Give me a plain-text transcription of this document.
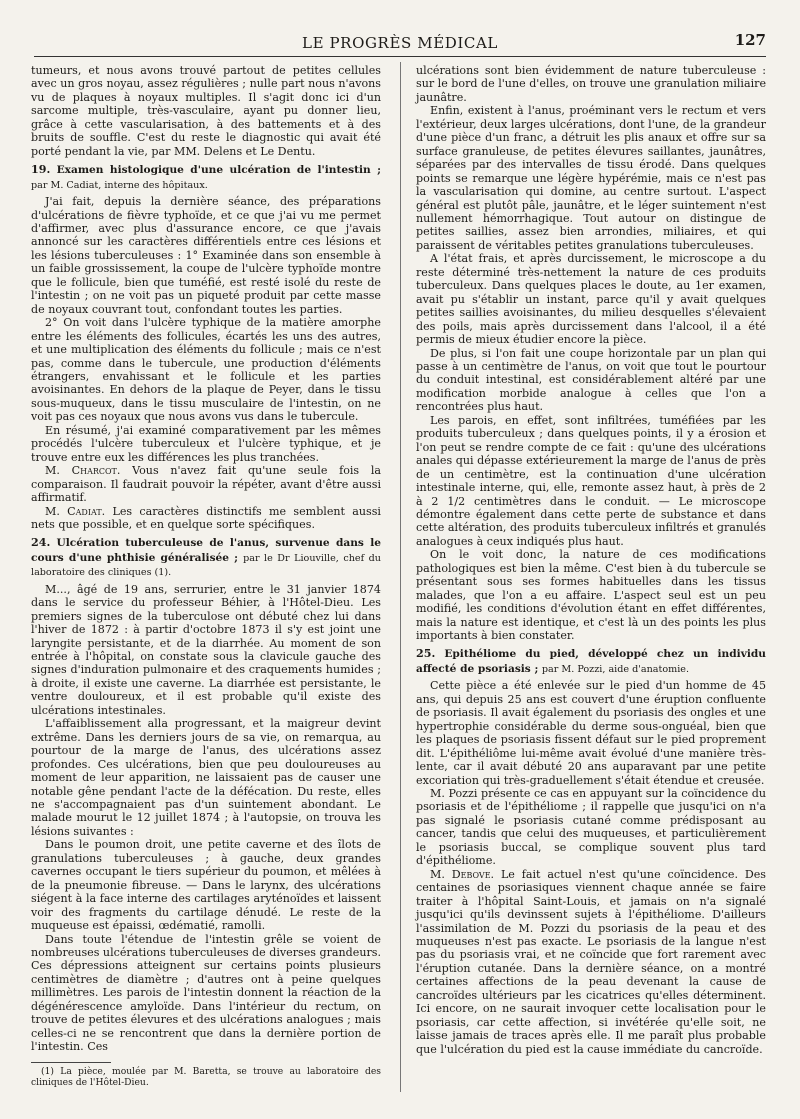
LE PROGRÈS MÉDICAL	127

tumeurs, et nous avons trouvé partout de petites cellules avec un gros noyau, assez régulières ; nulle part nous n'avons vu de plaques à noyaux multiples. Il s'agit donc ici d'un sarcome multiple, très-vasculaire, ayant pu donner lieu, grâce à cette vascularisation, à des battements et à des bruits de souffle. C'est du reste le diagnostic qui avait été porté pendant la vie, par MM. Delens et Le Dentu.

19. Examen histologique d'une ulcération de l'intestin ; par M. Cadiat, interne des hôpitaux.

J'ai fait, depuis la dernière séance, des préparations d'ulcérations de fièvre typhoïde, et ce que j'ai vu me permet d'affirmer, avec plus d'assurance encore, ce que j'avais annoncé sur les caractères différentiels entre ces lésions et les lésions tuberculeuses : 1° Examinée dans son ensemble à un faible grossissement, la coupe de l'ulcère typhoïde montre que le follicule, bien que tuméfié, est resté isolé du reste de l'intestin ; on ne voit pas un piqueté produit par cette masse de noyaux couvrant tout, confondant toutes les parties.

2° On voit dans l'ulcère typhique de la matière amorphe entre les éléments des follicules, écartés les uns des autres, et une multiplication des éléments du follicule ; mais ce n'est pas, comme dans le tubercule, une production d'éléments étrangers, envahissant et le follicule et les parties avoisinantes. En dehors de la plaque de Peyer, dans le tissu sous-muqueux, dans le tissu musculaire de l'intestin, on ne voit pas ces noyaux que nous avons vus dans le tubercule.

En résumé, j'ai examiné comparativement par les mêmes procédés l'ulcère tuberculeux et l'ulcère typhique, et je trouve entre eux les différences les plus tranchées.

M. Charcot. Vous n'avez fait qu'une seule fois la comparaison. Il faudrait pouvoir la répéter, avant d'être aussi affirmatif.

M. Cadiat. Les caractères distinctifs me semblent aussi nets que possible, et en quelque sorte spécifiques.

24. Ulcération tuberculeuse de l'anus, survenue dans le cours d'une phthisie généralisée ; par le Dr Liouville, chef du laboratoire des cliniques (1).

M..., âgé de 19 ans, serrurier, entre le 31 janvier 1874 dans le service du professeur Béhier, à l'Hôtel-Dieu. Les premiers signes de la tuberculose ont débuté chez lui dans l'hiver de 1872 : à partir d'octobre 1873 il s'y est joint une laryngite persistante, et de la diarrhée. Au moment de son entrée à l'hôpital, on constate sous la clavicule gauche des signes d'induration pulmonaire et des craquements humides ; à droite, il existe une caverne. La diarrhée est persistante, le ventre douloureux, et il est probable qu'il existe des ulcérations intestinales.

L'affaiblissement alla progressant, et la maigreur devint extrême. Dans les derniers jours de sa vie, on remarqua, au pourtour de la marge de l'anus, des ulcérations assez profondes. Ces ulcérations, bien que peu douloureuses au moment de leur apparition, ne laissaient pas de causer une notable gêne pendant l'acte de la défécation. Du reste, elles ne s'accompagnaient pas d'un suintement abondant. Le malade mourut le 12 juillet 1874 ; à l'autopsie, on trouva les lésions suivantes :

Dans le poumon droit, une petite caverne et des îlots de granulations tuberculeuses ; à gauche, deux grandes cavernes occupant le tiers supérieur du poumon, et mêlées à de la pneumonie fibreuse. — Dans le larynx, des ulcérations siégent à la face interne des cartilages aryténoïdes et laissent voir des fragments du cartilage dénudé. Le reste de la muqueuse est épaissi, œdématié, ramolli.

Dans toute l'étendue de l'intestin grêle se voient de nombreuses ulcérations tuberculeuses de diverses grandeurs. Ces dépressions atteignent sur certains points plusieurs centimètres de diamètre ; d'autres ont à peine quelques millimètres. Les parois de l'intestin donnent la réaction de la dégénérescence amyloïde. Dans l'intérieur du rectum, on trouve de petites élevures et des ulcérations analogues ; mais celles-ci ne se rencontrent que dans la dernière portion de l'intestin. Ces

(1) La pièce, moulée par M. Baretta, se trouve au laboratoire des cliniques de l'Hôtel-Dieu.

ulcérations sont bien évidemment de nature tuberculeuse : sur le bord de l'une d'elles, on trouve une granulation miliaire jaunâtre.

Enfin, existent à l'anus, proéminant vers le rectum et vers l'extérieur, deux larges ulcérations, dont l'une, de la grandeur d'une pièce d'un franc, a détruit les plis anaux et offre sur sa surface granuleuse, de petites élevures saillantes, jaunâtres, séparées par des intervalles de tissu érodé. Dans quelques points se remarque une légère hypérémie, mais ce n'est pas la vascularisation qui domine, au centre surtout. L'aspect général est plutôt pâle, jaunâtre, et le léger suintement n'est nullement hémorrhagique. Tout autour on distingue de petites saillies, assez bien arrondies, miliaires, et qui paraissent de véritables petites granulations tuberculeuses.

A l'état frais, et après durcissement, le microscope a du reste déterminé très-nettement la nature de ces produits tuberculeux. Dans quelques places le doute, au 1er examen, avait pu s'établir un instant, parce qu'il y avait quelques petites saillies avoisinantes, du milieu desquelles s'élevaient des poils, mais après durcissement dans l'alcool, il a été permis de mieux étudier encore la pièce.

De plus, si l'on fait une coupe horizontale par un plan qui passe à un centimètre de l'anus, on voit que tout le pourtour du conduit intestinal, est considérablement altéré par une modification morbide analogue à celles que l'on a rencontrées plus haut.

Les parois, en effet, sont infiltrées, tuméfiées par les produits tuberculeux ; dans quelques points, il y a érosion et l'on peut se rendre compte de ce fait : qu'une des ulcérations anales qui dépasse extérieurement la marge de l'anus de près de un centimètre, est la continuation d'une ulcération intestinale interne, qui, elle, remonte assez haut, à près de 2 à 2 1/2 centimètres dans le conduit. — Le microscope démontre également dans cette perte de substance et dans cette altération, des produits tuberculeux infiltrés et granulés analogues à ceux indiqués plus haut.

On le voit donc, la nature de ces modifications pathologiques est bien la même. C'est bien à du tubercule se présentant sous ses formes habituelles dans les tissus malades, que l'on a eu affaire. L'aspect seul est un peu modifié, les conditions d'évolution étant en effet différentes, mais la nature est identique, et c'est là un des points les plus importants à bien constater.

25. Epithéliome du pied, développé chez un individu affecté de psoriasis ; par M. Pozzi, aide d'anatomie.

Cette pièce a été enlevée sur le pied d'un homme de 45 ans, qui depuis 25 ans est couvert d'une éruption confluente de psoriasis. Il avait également du psoriasis des ongles et une hypertrophie considérable du derme sous-onguéal, bien que les plaques de psoriasis fissent défaut sur le pied proprement dit. L'épithéliôme lui-même avait évolué d'une manière très-lente, car il avait débuté 20 ans auparavant par une petite excoriation qui très-graduellement s'était étendue et creusée.

M. Pozzi présente ce cas en appuyant sur la coïncidence du psoriasis et de l'épithéliome ; il rappelle que jusqu'ici on n'a pas signalé le psoriasis cutané comme prédisposant au cancer, tandis que celui des muqueuses, et particulièrement le psoriasis buccal, se complique souvent plus tard d'épithéliome.

M. Debove. Le fait actuel n'est qu'une coïncidence. Des centaines de psoriasiques viennent chaque année se faire traiter à l'hôpital Saint-Louis, et jamais on n'a signalé jusqu'ici qu'ils devinssent sujets à l'épithéliome. D'ailleurs l'assimilation de M. Pozzi du psoriasis de la peau et des muqueuses n'est pas exacte. Le psoriasis de la langue n'est pas du psoriasis vrai, et ne coïncide que fort rarement avec l'éruption cutanée. Dans la dernière séance, on a montré certaines affections de la peau devenant la cause de cancroïdes ultérieurs par les cicatrices qu'elles déterminent. Ici encore, on ne saurait invoquer cette localisation pour le psoriasis, car cette affection, si invétérée qu'elle soit, ne laisse jamais de traces après elle. Il me paraît plus probable que l'ulcération du pied est la cause immédiate du cancroïde.
